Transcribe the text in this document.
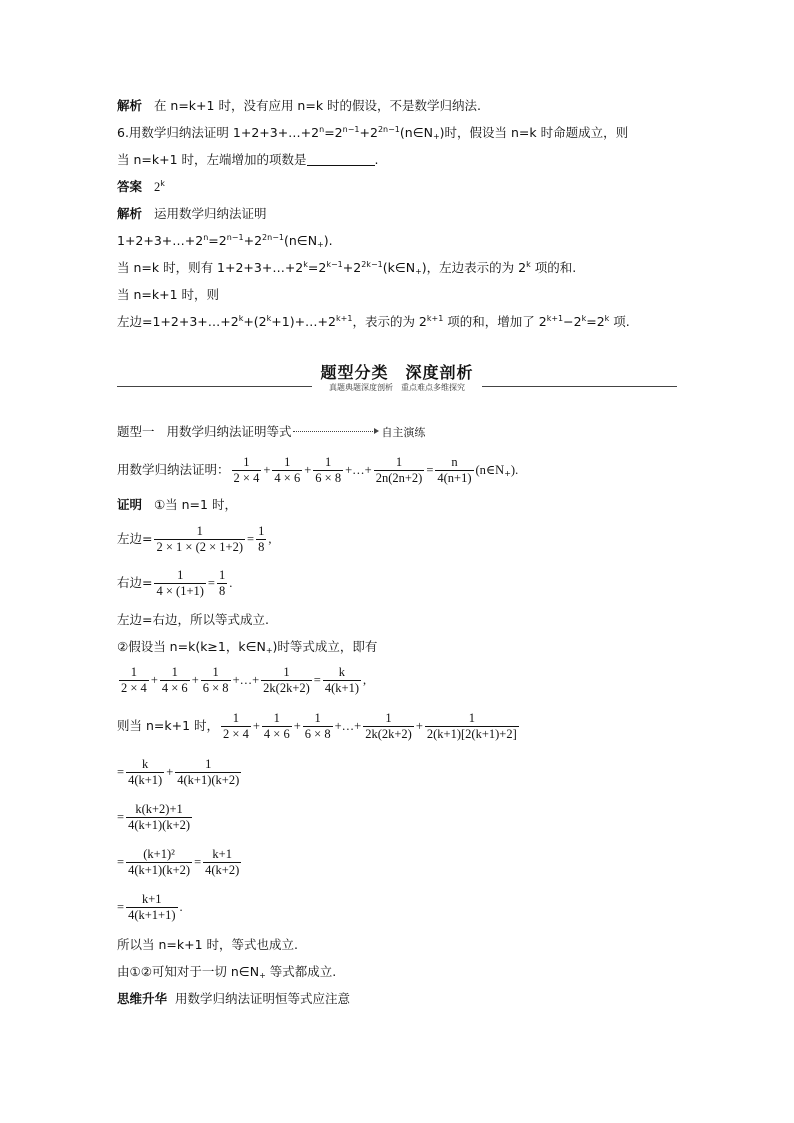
解析 在 n=k+1 时，没有应用 n=k 时的假设，不是数学归纳法.
6.用数学归纳法证明 $1+2+3+\dots+2^n=2^{n-1}+2^{2n-1}(n\in N_+)$时，假设当 n=k 时命题成立，则
当 n=k+1 时，左端增加的项数是	.
答案 2$^k$
解析 运用数学归纳法证明
$1+2+3+\dots+2^n=2^{n-1}+2^{2n-1}(n\in N_+)$.
当 n=k 时，则有 $1+2+3+\dots+2^k=2^{k-1}+2^{2k-1}(k\in N_+)$，左边表示的为 2$^k$ 项的和.
当 n=k+1 时，则
左边$=1+2+3+\dots+2^k+(2^k+1)+\dots+2^{k+1}$，表示的为 $2^{k+1}$ 项的和，增加了 $2^{k+1}-2^k=2^k$ 项.
题型分类　深度剖析
真题典题深度剖析　重点难点多维探究
题型一 用数学归纳法证明等式	自主演练
用数学归纳法证明： $\frac{1}{2 \times 4} + \frac{1}{4 \times 6} + \frac{1}{6 \times 8}$ +…+ $\frac{1}{2n(2n+2)} = \frac{n}{4(n+1)}$ $(n\in N_+)$.
证明 ①当 n=1 时，
左边= $\frac{1}{2 \times 1 \times (2 \times 1+2)} = \frac{1}{8}$ ,
右边= $\frac{1}{4 \times (1+1)} = \frac{1}{8}$ .
左边=右边，所以等式成立.
②假设当 n=k(k≥1，$k\in N_+$)时等式成立，即有
$\frac{1}{2 \times 4} + \frac{1}{4 \times 6} + \frac{1}{6 \times 8}$ +…+ $\frac{1}{2k(2k+2)} = \frac{k}{4(k+1)}$ ,
则当 n=k+1 时， $\frac{1}{2 \times 4} + \frac{1}{4 \times 6} + \frac{1}{6 \times 8}$ +…+ $\frac{1}{2k(2k+2)} + \frac{1}{2(k+1)[2(k+1)+2]}$
= $\frac{k}{4(k+1)} + \frac{1}{4(k+1)(k+2)}$
= $\frac{k(k+2)+1}{4(k+1)(k+2)}$
= $\frac{\text{(k+1)²}}{4(k+1)(k+2)} = \frac{k+1}{4(k+2)}$
= $\frac{k+1}{4(k+1+1)}$ .
所以当 n=k+1 时，等式也成立.
由①②可知对于一切 $n\in N_+$ 等式都成立.
思维升华 用数学归纳法证明恒等式应注意
